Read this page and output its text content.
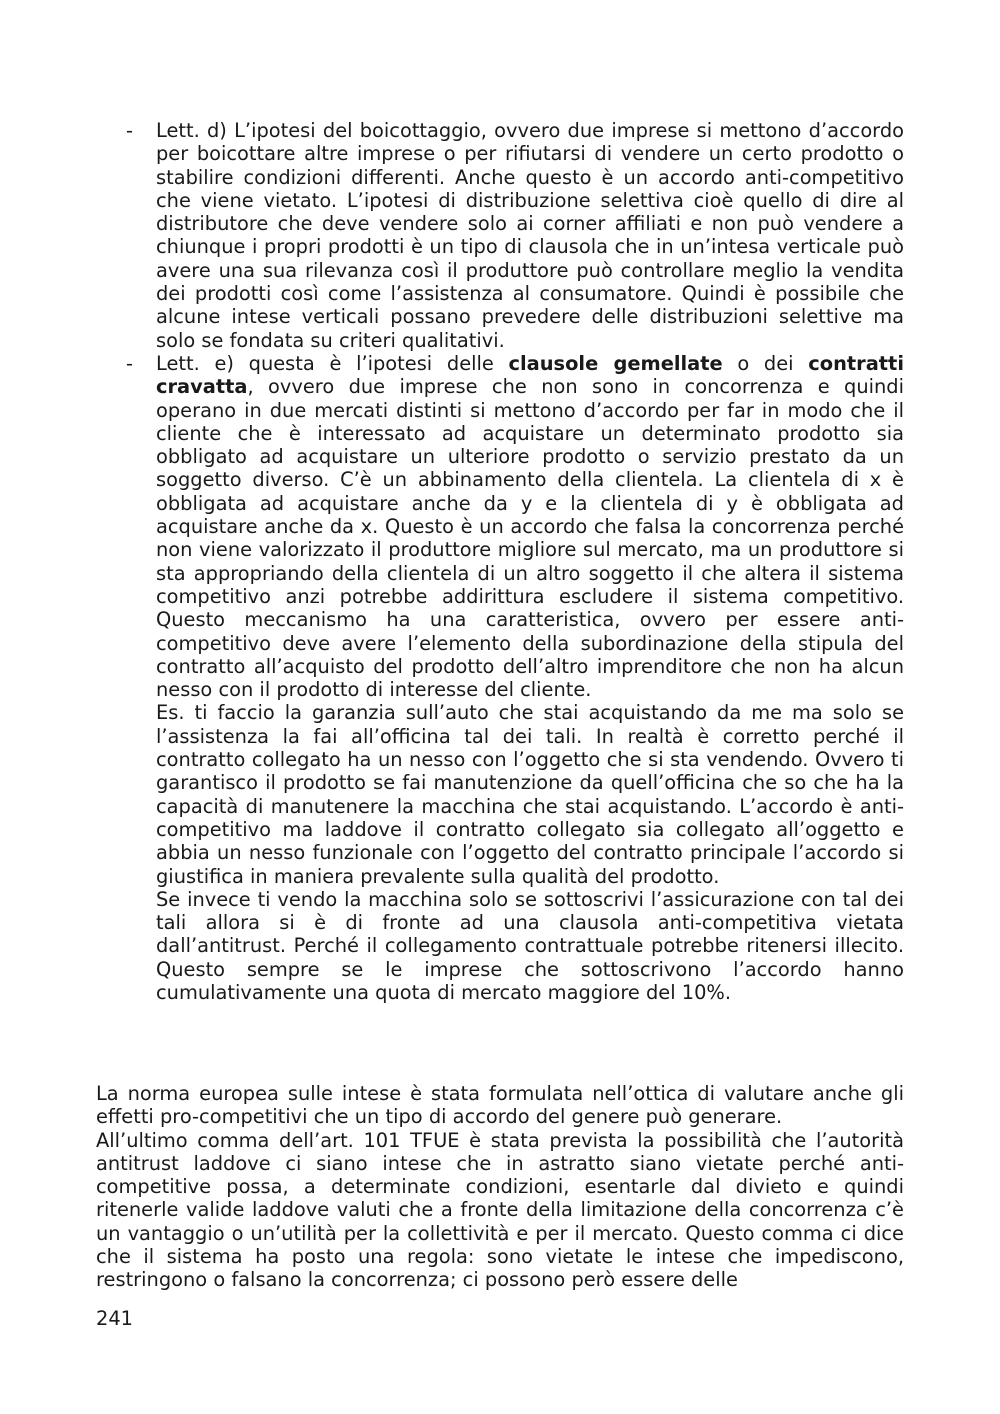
- Lett. d) L’ipotesi del boicottaggio, ovvero due imprese si mettono d’accordo per boicottare altre imprese o per rifiutarsi di vendere un certo prodotto o stabilire condizioni differenti. Anche questo è un accordo anti-competitivo che viene vietato. L’ipotesi di distribuzione selettiva cioè quello di dire al distributore che deve vendere solo ai corner affiliati e non può vendere a chiunque i propri prodotti è un tipo di clausola che in un’intesa verticale può avere una sua rilevanza così il produttore può controllare meglio la vendita dei prodotti così come l’assistenza al consumatore. Quindi è possibile che alcune intese verticali possano prevedere delle distribuzioni selettive ma solo se fondata su criteri qualitativi.

- Lett. e) questa è l’ipotesi delle clausole gemellate o dei contratti cravatta, ovvero due imprese che non sono in concorrenza e quindi operano in due mercati distinti si mettono d’accordo per far in modo che il cliente che è interessato ad acquistare un determinato prodotto sia obbligato ad acquistare un ulteriore prodotto o servizio prestato da un soggetto diverso. C’è un abbinamento della clientela. La clientela di x è obbligata ad acquistare anche da y e la clientela di y è obbligata ad acquistare anche da x. Questo è un accordo che falsa la concorrenza perché non viene valorizzato il produttore migliore sul mercato, ma un produttore si sta appropriando della clientela di un altro soggetto il che altera il sistema competitivo anzi potrebbe addirittura escludere il sistema competitivo. Questo meccanismo ha una caratteristica, ovvero per essere anti-competitivo deve avere l’elemento della subordinazione della stipula del contratto all’acquisto del prodotto dell’altro imprenditore che non ha alcun nesso con il prodotto di interesse del cliente.

Es. ti faccio la garanzia sull’auto che stai acquistando da me ma solo se l’assistenza la fai all’officina tal dei tali. In realtà è corretto perché il contratto collegato ha un nesso con l’oggetto che si sta vendendo. Ovvero ti garantisco il prodotto se fai manutenzione da quell’officina che so che ha la capacità di manutenere la macchina che stai acquistando. L’accordo è anti-competitivo ma laddove il contratto collegato sia collegato all’oggetto e abbia un nesso funzionale con l’oggetto del contratto principale l’accordo si giustifica in maniera prevalente sulla qualità del prodotto.

Se invece ti vendo la macchina solo se sottoscrivi l’assicurazione con tal dei tali allora si è di fronte ad una clausola anti-competitiva vietata dall’antitrust. Perché il collegamento contrattuale potrebbe ritenersi illecito. Questo sempre se le imprese che sottoscrivono l’accordo hanno cumulativamente una quota di mercato maggiore del 10%.

La norma europea sulle intese è stata formulata nell’ottica di valutare anche gli effetti pro-competitivi che un tipo di accordo del genere può generare.

All’ultimo comma dell’art. 101 TFUE è stata prevista la possibilità che l’autorità antitrust laddove ci siano intese che in astratto siano vietate perché anti-competitive possa, a determinate condizioni, esentarle dal divieto e quindi ritenerle valide laddove valuti che a fronte della limitazione della concorrenza c’è un vantaggio o un’utilità per la collettività e per il mercato. Questo comma ci dice che il sistema ha posto una regola: sono vietate le intese che impediscono, restringono o falsano la concorrenza; ci possono però essere delle

241
